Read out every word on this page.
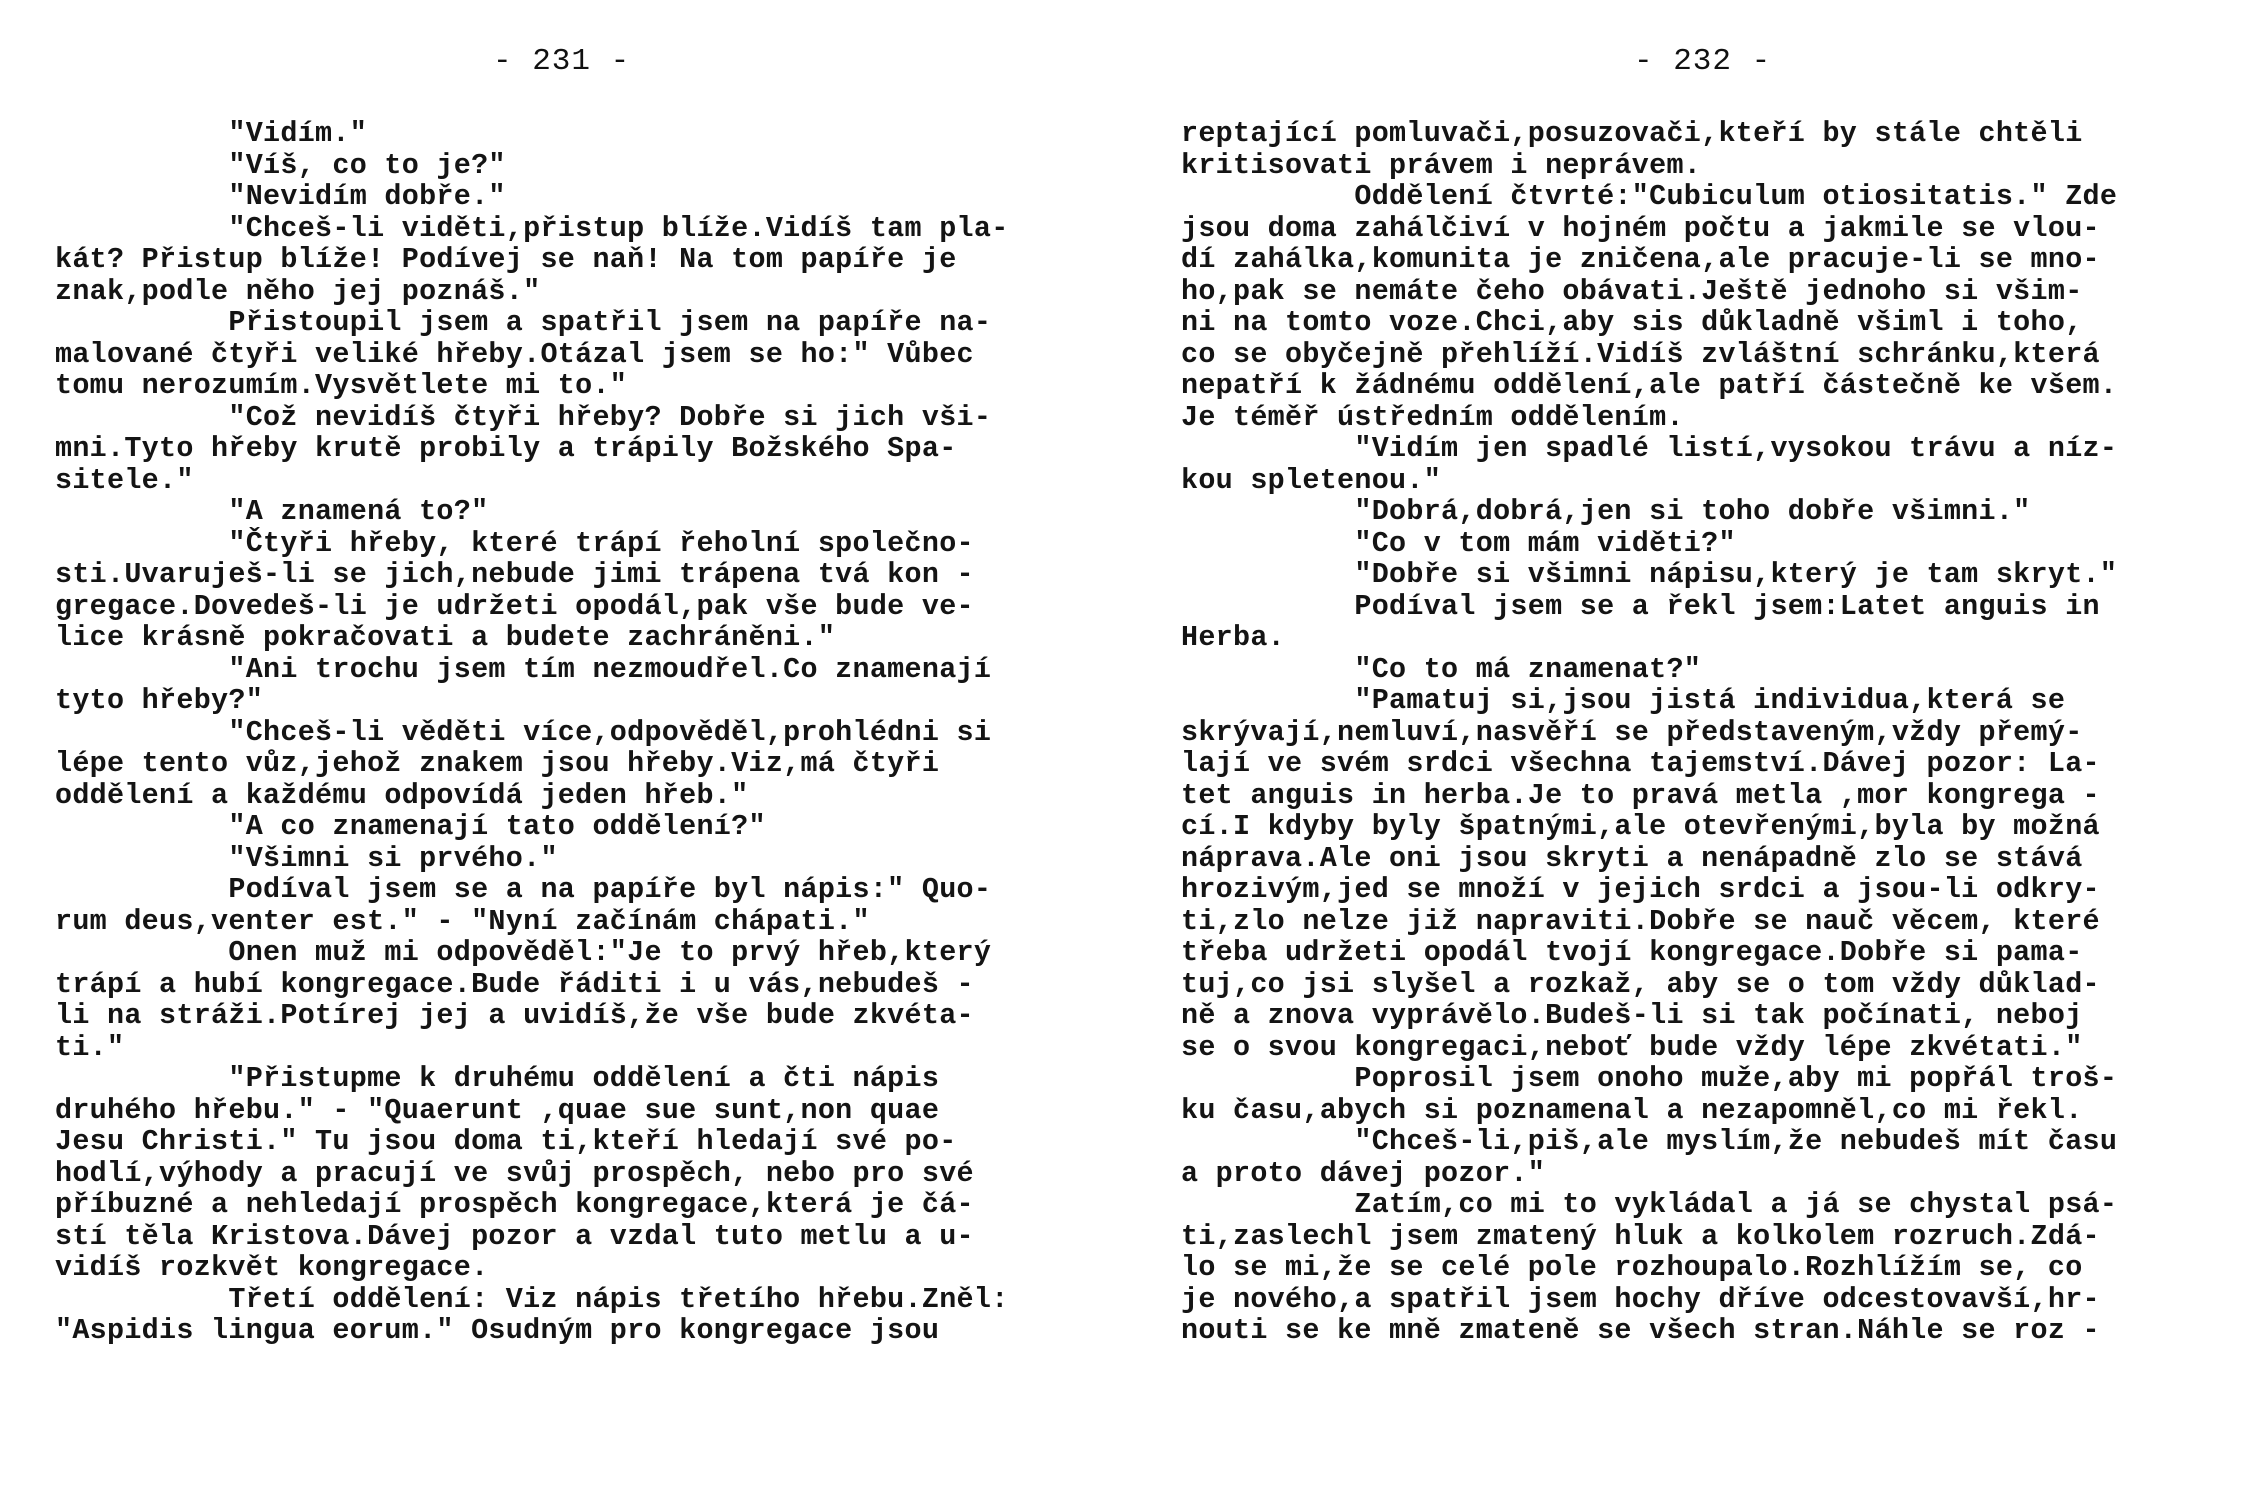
- 231 -
"Vidím."
"Víš, co to je?"
"Nevidím dobře."
"Chceš-li viděti,přistup blíže.Vidíš tam pla-
kát? Přistup blíže! Podívej se naň! Na tom papíře je
znak,podle něho jej poznáš."
Přistoupil jsem a spatřil jsem na papíře na-
malované čtyři veliké hřeby.Otázal jsem se ho:" Vůbec
tomu nerozumím.Vysvětlete mi to."
"Což nevidíš čtyři hřeby? Dobře si jich vši-
mni.Tyto hřeby krutě probily a trápily Božského Spa-
sitele."
"A znamená to?"
"Čtyři hřeby, které trápí řeholní společno-
sti.Uvaruješ-li se jich,nebude jimi trápena tvá kon -
gregace.Dovedeš-li je udržeti opodál,pak vše bude ve-
lice krásně pokračovati a budete zachráněni."
"Ani trochu jsem tím nezmoudřel.Co znamenají
tyto hřeby?"
"Chceš-li věděti více,odpověděl,prohlédni si
lépe tento vůz,jehož znakem jsou hřeby.Viz,má čtyři
oddělení a každému odpovídá jeden hřeb."
"A co znamenají tato oddělení?"
"Všimni si prvého."
Podíval jsem se a na papíře byl nápis:" Quo-
rum deus,venter est." - "Nyní začínám chápati."
Onen muž mi odpověděl:"Je to prvý hřeb,který
trápí a hubí kongregace.Bude řáditi i u vás,nebudeš -
li na stráži.Potírej jej a uvidíš,že vše bude zkvéta-
ti."
"Přistupme k druhému oddělení a čti nápis
druhého hřebu." - "Quaerunt ,quae sue sunt,non quae
Jesu Christi." Tu jsou doma ti,kteří hledají své po-
hodlí,výhody a pracují ve svůj prospěch, nebo pro své
příbuzné a nehledají prospěch kongregace,která je čá-
stí těla Kristova.Dávej pozor a vzdal tuto metlu a u-
vidíš rozkvět kongregace.
Třetí oddělení: Viz nápis třetího hřebu.Zněl:
"Aspidis lingua eorum." Osudným pro kongregace jsou
- 232 -
reptající pomluvači,posuzovači,kteří by stále chtěli
kritisovati právem i neprávem.
Oddělení čtvrté:"Cubiculum otiositatis." Zde
jsou doma zahálčiví v hojném počtu a jakmile se vlou-
dí zahálka,komunita je zničena,ale pracuje-li se mno-
ho,pak se nemáte čeho obávati.Ještě jednoho si všim-
ni na tomto voze.Chci,aby sis důkladně všiml i toho,
co se obyčejně přehlíží.Vidíš zvláštní schránku,která
nepatří k žádnému oddělení,ale patří částečně ke všem.
Je téměř ústředním oddělením.
"Vidím jen spadlé listí,vysokou trávu a níz-
kou spletenou."
"Dobrá,dobrá,jen si toho dobře všimni."
"Co v tom mám viděti?"
"Dobře si všimni nápisu,který je tam skryt."
Podíval jsem se a řekl jsem:Latet anguis in
Herba.
"Co to má znamenat?"
"Pamatuj si,jsou jistá individua,která se
skrývají,nemluví,nasvěří se představeným,vždy přemý-
lají ve svém srdci všechna tajemství.Dávej pozor: La-
tet anguis in herba.Je to pravá metla ,mor kongrega -
cí.I kdyby byly špatnými,ale otevřenými,byla by možná
náprava.Ale oni jsou skryti a nenápadně zlo se stává
hrozivým,jed se množí v jejich srdci a jsou-li odkry-
ti,zlo nelze již napraviti.Dobře se nauč věcem, které
třeba udržeti opodál tvojí kongregace.Dobře si pama-
tuj,co jsi slyšel a rozkaž, aby se o tom vždy důklad-
ně a znova vyprávělo.Budeš-li si tak počínati, neboj
se o svou kongregaci,neboť bude vždy lépe zkvétati."
Poprosil jsem onoho muže,aby mi popřál troš-
ku času,abych si poznamenal a nezapomněl,co mi řekl.
"Chceš-li,piš,ale myslím,že nebudeš mít času
a proto dávej pozor."
Zatím,co mi to vykládal a já se chystal psá-
ti,zaslechl jsem zmatený hluk a kolkolem rozruch.Zdá-
lo se mi,že se celé pole rozhoupalo.Rozhlížím se, co
je nového,a spatřil jsem hochy dříve odcestovavší,hr-
nouti se ke mně zmateně se všech stran.Náhle se roz -
